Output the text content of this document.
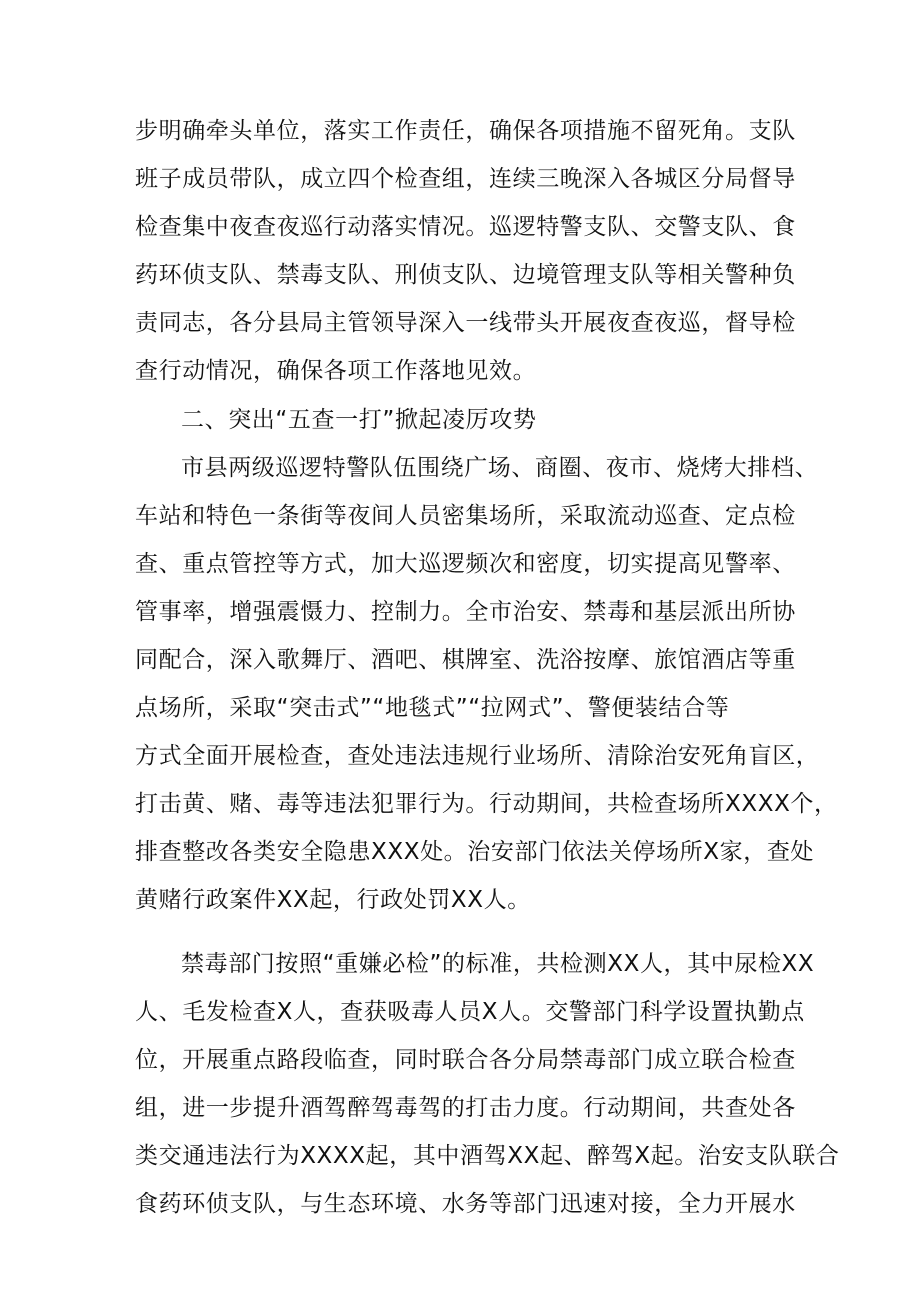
步明确牵头单位，落实工作责任，确保各项措施不留死角。支队

班子成员带队，成立四个检查组，连续三晚深入各城区分局督导

检查集中夜查夜巡行动落实情况。巡逻特警支队、交警支队、食

药环侦支队、禁毒支队、刑侦支队、边境管理支队等相关警种负

责同志，各分县局主管领导深入一线带头开展夜查夜巡，督导检

查行动情况，确保各项工作落地见效。

二、突出“五查一打”掀起凌厉攻势

市县两级巡逻特警队伍围绕广场、商圈、夜市、烧烤大排档、

车站和特色一条街等夜间人员密集场所，采取流动巡查、定点检

查、重点管控等方式，加大巡逻频次和密度，切实提高见警率、

管事率，增强震慑力、控制力。全市治安、禁毒和基层派出所协

同配合，深入歌舞厅、酒吧、棋牌室、洗浴按摩、旅馆酒店等重

点场所，采取“突击式”“地毯式”“拉网式”、警便装结合等

方式全面开展检查，查处违法违规行业场所、清除治安死角盲区，

打击黄、赌、毒等违法犯罪行为。行动期间，共检查场所XXXX个，

排查整改各类安全隐患XXX处。治安部门依法关停场所X家，查处

黄赌行政案件XX起，行政处罚XX人。

禁毒部门按照“重嫌必检”的标准，共检测XX人，其中尿检XX

人、毛发检查X人，查获吸毒人员X人。交警部门科学设置执勤点

位，开展重点路段临查，同时联合各分局禁毒部门成立联合检查

组，进一步提升酒驾醉驾毒驾的打击力度。行动期间，共查处各

类交通违法行为XXXX起，其中酒驾XX起、醉驾X起。治安支队联合

食药环侦支队，与生态环境、水务等部门迅速对接，全力开展水
